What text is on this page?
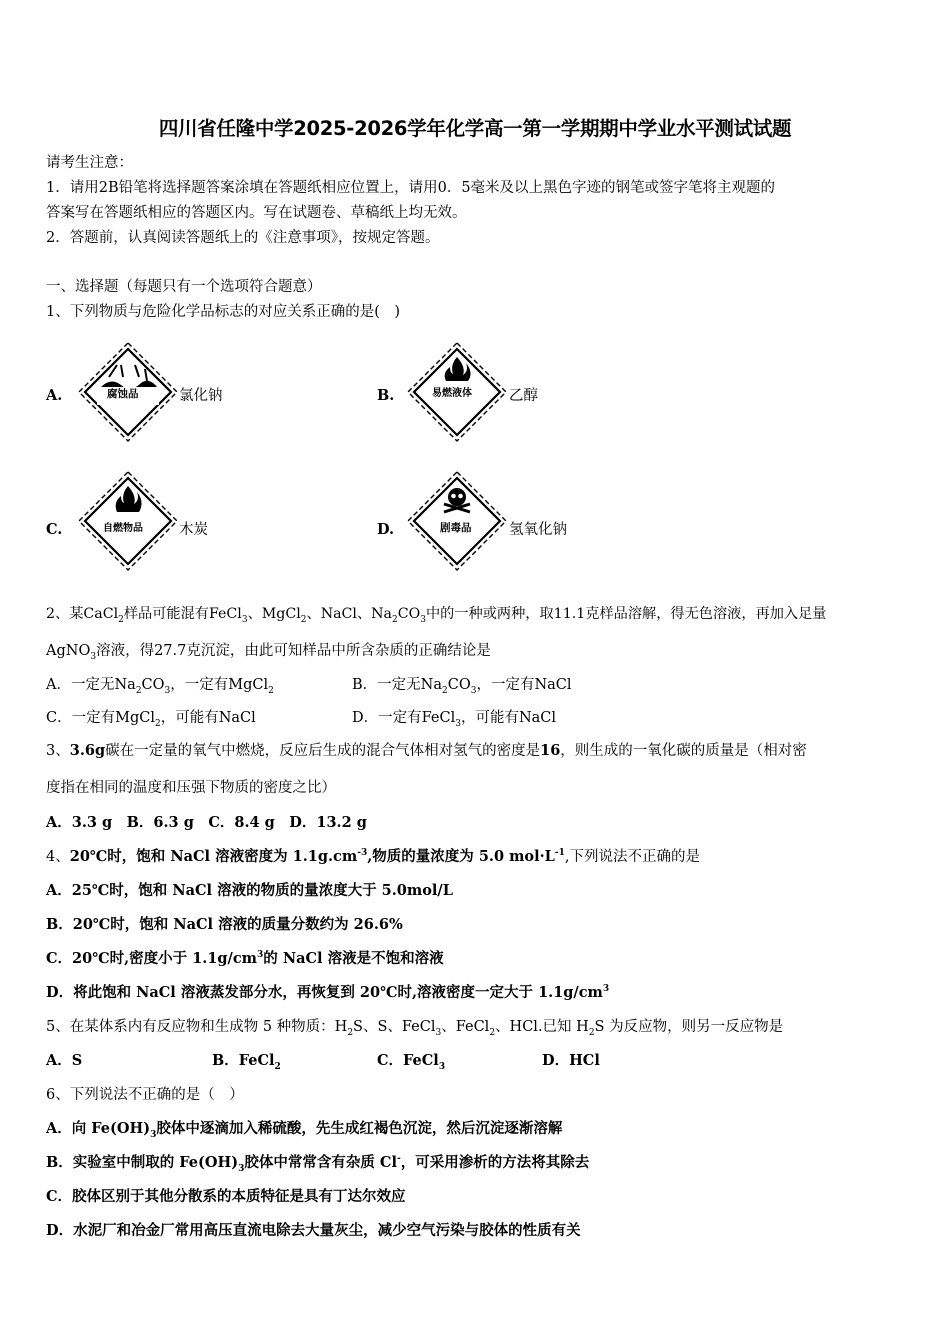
四川省任隆中学2025-2026学年化学高一第一学期期中学业水平测试试题
请考生注意：
1．请用2B铅笔将选择题答案涂填在答题纸相应位置上，请用0．5毫米及以上黑色字迹的钢笔或签字笔将主观题的
答案写在答题纸相应的答题区内。写在试题卷、草稿纸上均无效。
2．答题前，认真阅读答题纸上的《注意事项》，按规定答题。
一、选择题（每题只有一个选项符合题意）
1、下列物质与危险化学品标志的对应关系正确的是(　)
A.	腐蚀品	氯化钠	B.	易燃液体	乙醇
C.	自燃物品 木炭	D.	剧毒品	氢氧化钠
2、某CaCl$_2$样品可能混有FeCl$_3$、MgCl$_2$、NaCl、$Na_2CO_3$中的一种或两种，取11.1克样品溶解，得无色溶液，再加入足量
AgNO$_3$溶液，得27.7克沉淀，由此可知样品中所含杂质的正确结论是
A．一定无$Na_2CO_3$，一定有MgCl$_2$	B．一定无$Na_2CO_3$，一定有NaCl
C．一定有MgCl$_2$，可能有NaCl	D．一定有FeCl$_3$，可能有NaCl
3、3.6g碳在一定量的氧气中燃烧，反应后生成的混合气体相对氢气的密度是16，则生成的一氧化碳的质量是（相对密
度指在相同的温度和压强下物质的密度之比）
A．3.3 g　B．6.3 g　C．8.4 g　D．13.2 g
4、20℃时，饱和 NaCl 溶液密度为 $1.1g.cm^{-3}$,物质的量浓度为 5.0 $mol\cdot L^{-1}$,下列说法不正确的是
A．25℃时，饱和 NaCl 溶液的物质的量浓度大于 5.0mol/L
B．20℃时，饱和 NaCl 溶液的质量分数约为 26.6%
C．20℃时,密度小于 $1.1g/cm^3$的 NaCl 溶液是不饱和溶液
D．将此饱和 NaCl 溶液蒸发部分水，再恢复到 20℃时,溶液密度一定大于 $1.1g/cm^3$
5、在某体系内有反应物和生成物 5 种物质：$H_2S$、S、FeCl$_3$、FeCl$_2$、HCl.已知 $H_2S$ 为反应物，则另一反应物是
A．S	B．FeCl$_2$	C．FeCl$_3$	D．HCl
6、下列说法不正确的是（　）
A．向 $Fe(OH)_3$胶体中逐滴加入稀硫酸，先生成红褐色沉淀，然后沉淀逐渐溶解
B．实验室中制取的 $Fe(OH)_3$胶体中常常含有杂质 Cl-，可采用渗析的方法将其除去
C．胶体区别于其他分散系的本质特征是具有丁达尔效应
D．水泥厂和冶金厂常用高压直流电除去大量灰尘，减少空气污染与胶体的性质有关
